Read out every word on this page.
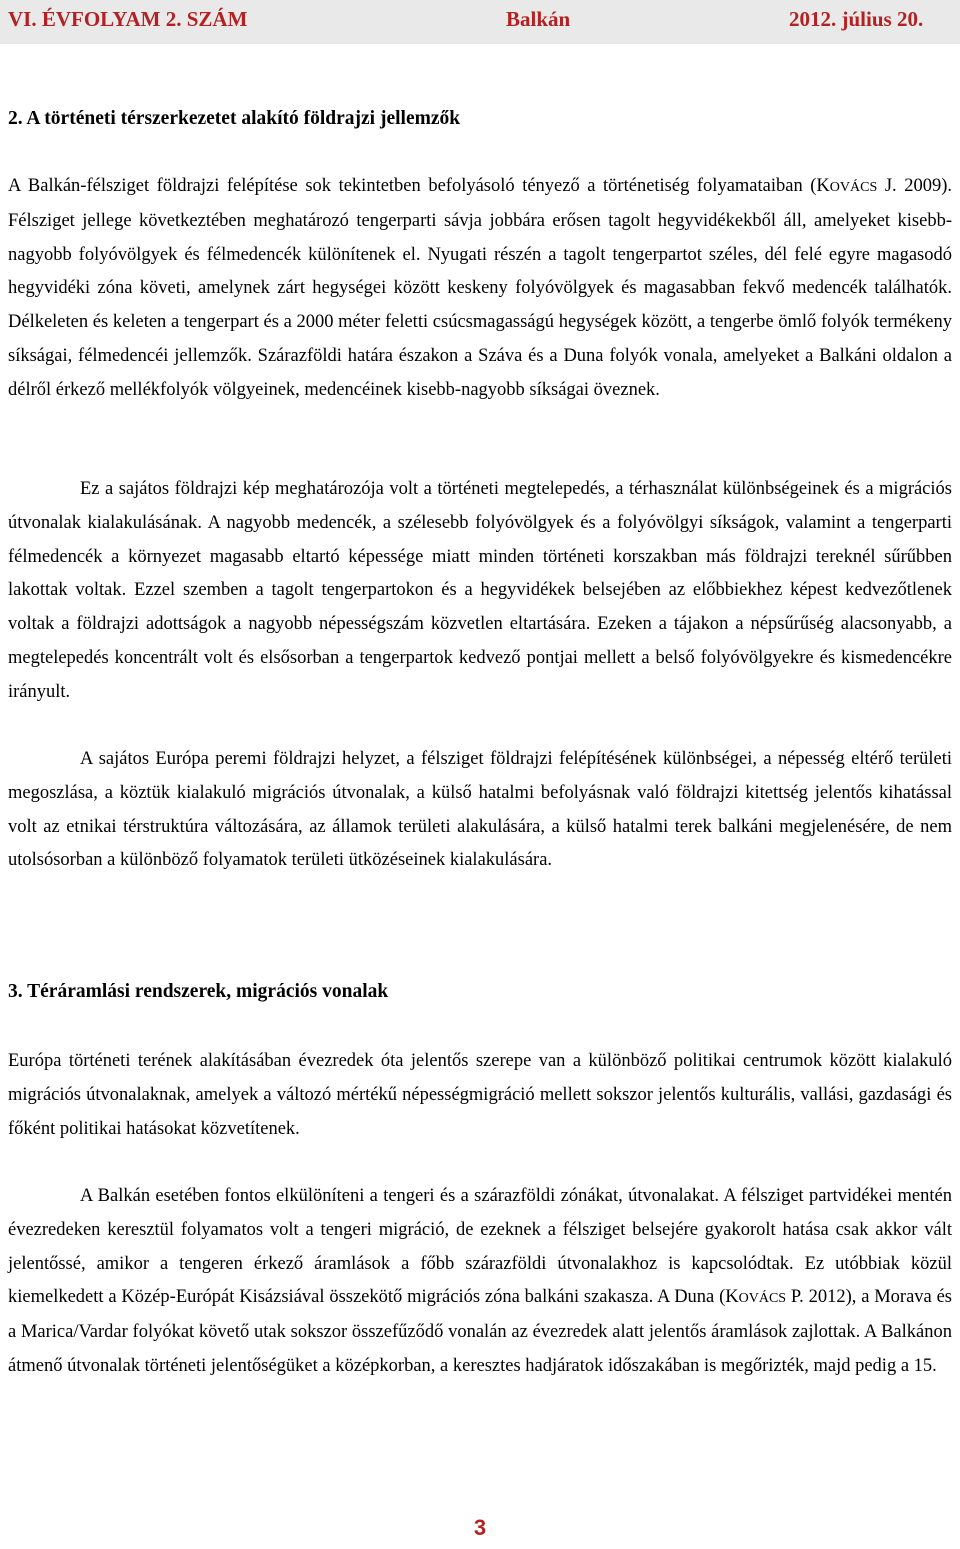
VI. ÉVFOLYAM 2. SZÁM	Balkán	2012. július 20.
2. A történeti térszerkezetet alakító földrajzi jellemzők

A Balkán-félsziget földrajzi felépítése sok tekintetben befolyásoló tényező a történetiség folyamataiban (KOVÁCS J. 2009). Félsziget jellege következtében meghatározó tengerparti sávja jobbára erősen tagolt hegyvidékekből áll, amelyeket kisebb-nagyobb folyóvölgyek és félmedencék különítenek el. Nyugati részén a tagolt tengerpartot széles, dél felé egyre magasodó hegyvidéki zóna követi, amelynek zárt hegységei között keskeny folyóvölgyek és magasabban fekvő medencék találhatók. Délkeleten és keleten a tengerpart és a 2000 méter feletti csúcsmagasságú hegységek között, a tengerbe ömlő folyók termékeny síkságai, félmedencéi jellemzők. Szárazföldi határa északon a Száva és a Duna folyók vonala, amelyeket a Balkáni oldalon a délről érkező mellékfolyók völgyeinek, medencéinek kisebb-nagyobb síkságai öveznek.

Ez a sajátos földrajzi kép meghatározója volt a történeti megtelepedés, a térhasználat különbségeinek és a migrációs útvonalak kialakulásának. A nagyobb medencék, a szélesebb folyóvölgyek és a folyóvölgyi síkságok, valamint a tengerparti félmedencék a környezet magasabb eltartó képessége miatt minden történeti korszakban más földrajzi tereknél sűrűbben lakottak voltak. Ezzel szemben a tagolt tengerpartokon és a hegyvidékek belsejében az előbbiekhez képest kedvezőtlenek voltak a földrajzi adottságok a nagyobb népességszám közvetlen eltartására. Ezeken a tájakon a népsűrűség alacsonyabb, a megtelepedés koncentrált volt és elsősorban a tengerpartok kedvező pontjai mellett a belső folyóvölgyekre és kismedencékre irányult.

A sajátos Európa peremi földrajzi helyzet, a félsziget földrajzi felépítésének különbségei, a népesség eltérő területi megoszlása, a köztük kialakuló migrációs útvonalak, a külső hatalmi befolyásnak való földrajzi kitettség jelentős kihatással volt az etnikai térstruktúra változására, az államok területi alakulására, a külső hatalmi terek balkáni megjelenésére, de nem utolsósorban a különböző folyamatok területi ütközéseinek kialakulására.

3. Téráramlási rendszerek, migrációs vonalak

Európa történeti terének alakításában évezredek óta jelentős szerepe van a különböző politikai centrumok között kialakuló migrációs útvonalaknak, amelyek a változó mértékű népességmigráció mellett sokszor jelentős kulturális, vallási, gazdasági és főként politikai hatásokat közvetítenek.

A Balkán esetében fontos elkülöníteni a tengeri és a szárazföldi zónákat, útvonalakat. A félsziget partvidékei mentén évezredeken keresztül folyamatos volt a tengeri migráció, de ezeknek a félsziget belsejére gyakorolt hatása csak akkor vált jelentőssé, amikor a tengeren érkező áramlások a főbb szárazföldi útvonalakhoz is kapcsolódtak. Ez utóbbiak közül kiemelkedett a Közép-Európát Kisázsiával összekötő migrációs zóna balkáni szakasza. A Duna (KOVÁCS P. 2012), a Morava és a Marica/Vardar folyókat követő utak sokszor összefűződő vonalán az évezredek alatt jelentős áramlások zajlottak. A Balkánon átmenő útvonalak történeti jelentőségüket a középkorban, a keresztes hadjáratok időszakában is megőrizték, majd pedig a 15.

3
